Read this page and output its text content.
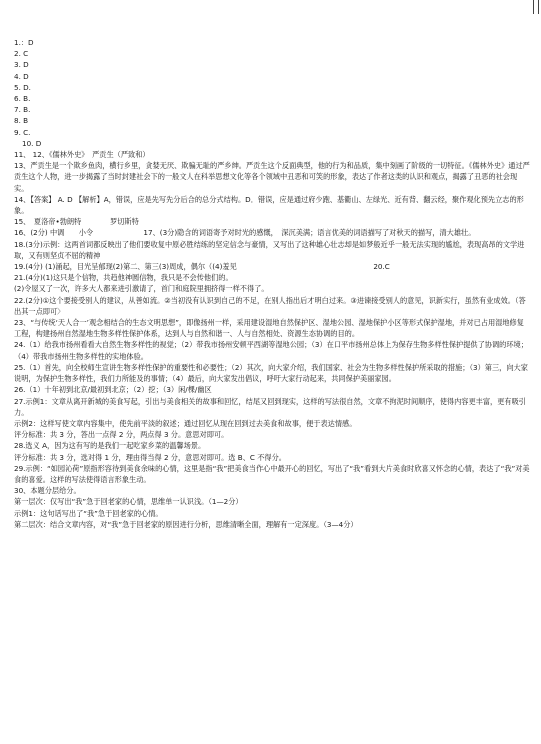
1.：D
2. C
3. D
4. D
5. D.
6. B.
7. B.
8. B
9. C.
10. D
11、 12、《儒林外史》　严贡生（严致和）
13、严贡生是一个欺乡鱼肉，横行乡里，贪婪无厌、欺骗无耻的严乡绅。严贡生这个反面典型，他的行为和品质，集中刻画了阶级的一切特征。《儒林外史》通过严贡生这个人物，进一步揭露了当时封建社会下的一般文人在科举思想文化等各个领域中丑恶和可笑的形象，表达了作者这类的认识和观点，揭露了丑恶的社会现实。
14、【答案】 A. D 【解析】A，错误，应是先写先分后合的总分式结构。D．错误，应是通过府少跑、基衢山、左绿光、近有背、翻云经，聚作观化预先立志的形象。
15、　夏洛帝•勃朗特　　　　罗切斯特
16、(2分) 中调　　小令　　　　　　　17、(3分)隐含的词语寄予对时光的感慨，　深沉美满；语言优美的词语描写了对秋天的描写，清大雄壮。
18.(3分)示例：这两首词都反映出了他们要收复中原必胜结练的坚定信念与豪情，又写出了这种雄心壮志却是如梦般近乎一般无法实现的尴尬，表现高昂的文学进取，又有则坚贞不屈的精神
19.(4分) (1)涌起，目光呈郁现(2)第二、第三(3)周成，偶尔（(4)羞见　　　　　　　　　　　　　　　　　　　20.C
21.(4分)(1)这只是个信物，共趋他神圆信物，我只是不会传他们的。
(2)令屋又了一次，许多大人都来进引激请了，首门和庭院里拥挤得一样不得了。
22.(2分)①这个要接受别人的建议，从善如流。②当初没有认识到自己的不足，在别人指出后才明白过来。③进谏接受别人的意见，识新实行，虽然有业成效。（答出其一点即可〉
23、“与传统‘天人合一’观念相结合的生态文明思想”，即像扬州一样，采用建设湿地自然保护区、湿地公园、湿地保护小区等形式保护湿地，并对已占用湿地修复工程，构建扬州自然湿地生物多样性保护体系，达到人与自然和谐一、人与自然相处、资源生态协调的目的。
24.（1）给我市扬州看看大自然生物多样性的视觉；（2）带我市扬州安顿平西湖等湿地公园；（3）在口平市扬州总体上为保存生物多样性保护提供了协调的环境；（4）带我市扬州生物多样性的实地体验。
25.（1）首先，向全校师生宣讲生物多样性保护的重要性和必要性；（2）其次，向大家介绍，我们国家、社会为生物多样性保护所采取的措施；（3）第三，向大家说明，为保护生物多样性，我们力所能及的事情；（4）最后，向大家发出倡议，呼吁大家行动起来，共同保护美丽家园。
26.（1）十年初到北京/最初到北京；（2）挖；（3）闲/棵/幽区
27.示例1：文章从离开新城的美食写起，引出与美食相关的故事和回忆，结尾又回到现实，这样的写法很自然，文章不拘泥时间顺序，使得内容更丰富，更有吸引力。
示例2：这样写使文章内容集中，使先前平淡的叙述；通过回忆从现在回到过去美食和故事，便于表达情感。
评分标准：共 3 分，答出一点得 2 分，两点得 3 分。意思对即可。
28.选义 A，因为这有写的是我们一起吃家乡菜的温馨场景。
评分标准：共 3 分，选对得 1 分，理由得当得 2 分，意思对即可。选 B、C 不得分。
29.示例：“如园沁荷”原指形容待到美食余味的心情，这里是指“我”把美食当作心中最开心的回忆，写出了“我”看到大片美食时欣喜又怀念的心情，表达了“我”对美食的喜爱。这样的写法使得语言形象生动。
30、本题分层给分。
第一层次：仅写出“我”急于回老家的心情，思维单一认识浅。（1—2分）
示例1：这句话写出了“我”急于回老家的心情。
第二层次：结合文章内容，对“我”急于回老家的原因进行分析，思维清晰全面，理解有一定深度。（3—4分）
